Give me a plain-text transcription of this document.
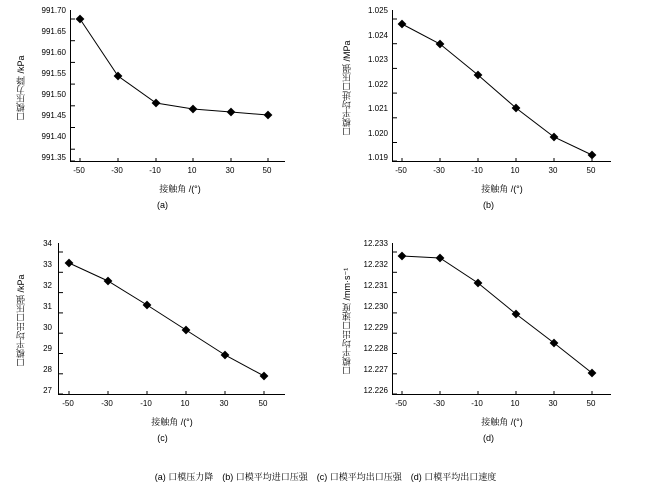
口模压力降 /kPa
991.70
991.65
991.60
991.55
991.50
991.45
991.40
991.35
-50	-30	-10	10	30	50
接触角 /(°)
(a)
口模平均进口压强 /MPa
1.025
1.024
1.023
1.022
1.021
1.020
1.019
-50	-30	-10	10	30	50
接触角 /(°)
(b)
口模平均出口压强 /kPa
34
33
32
31
30
29
28
27
-50	-30	-10	10	30	50
接触角 /(°)
(c)
口模平均出口速度 /mm·s⁻¹
12.233
12.232
12.231
12.230
12.229
12.228
12.227
12.226
-50	-30	-10	10	30	50
接触角 /(°)
(d)
(a) 口模压力降　(b) 口模平均进口压强　(c) 口模平均出口压强　(d) 口模平均出口速度
